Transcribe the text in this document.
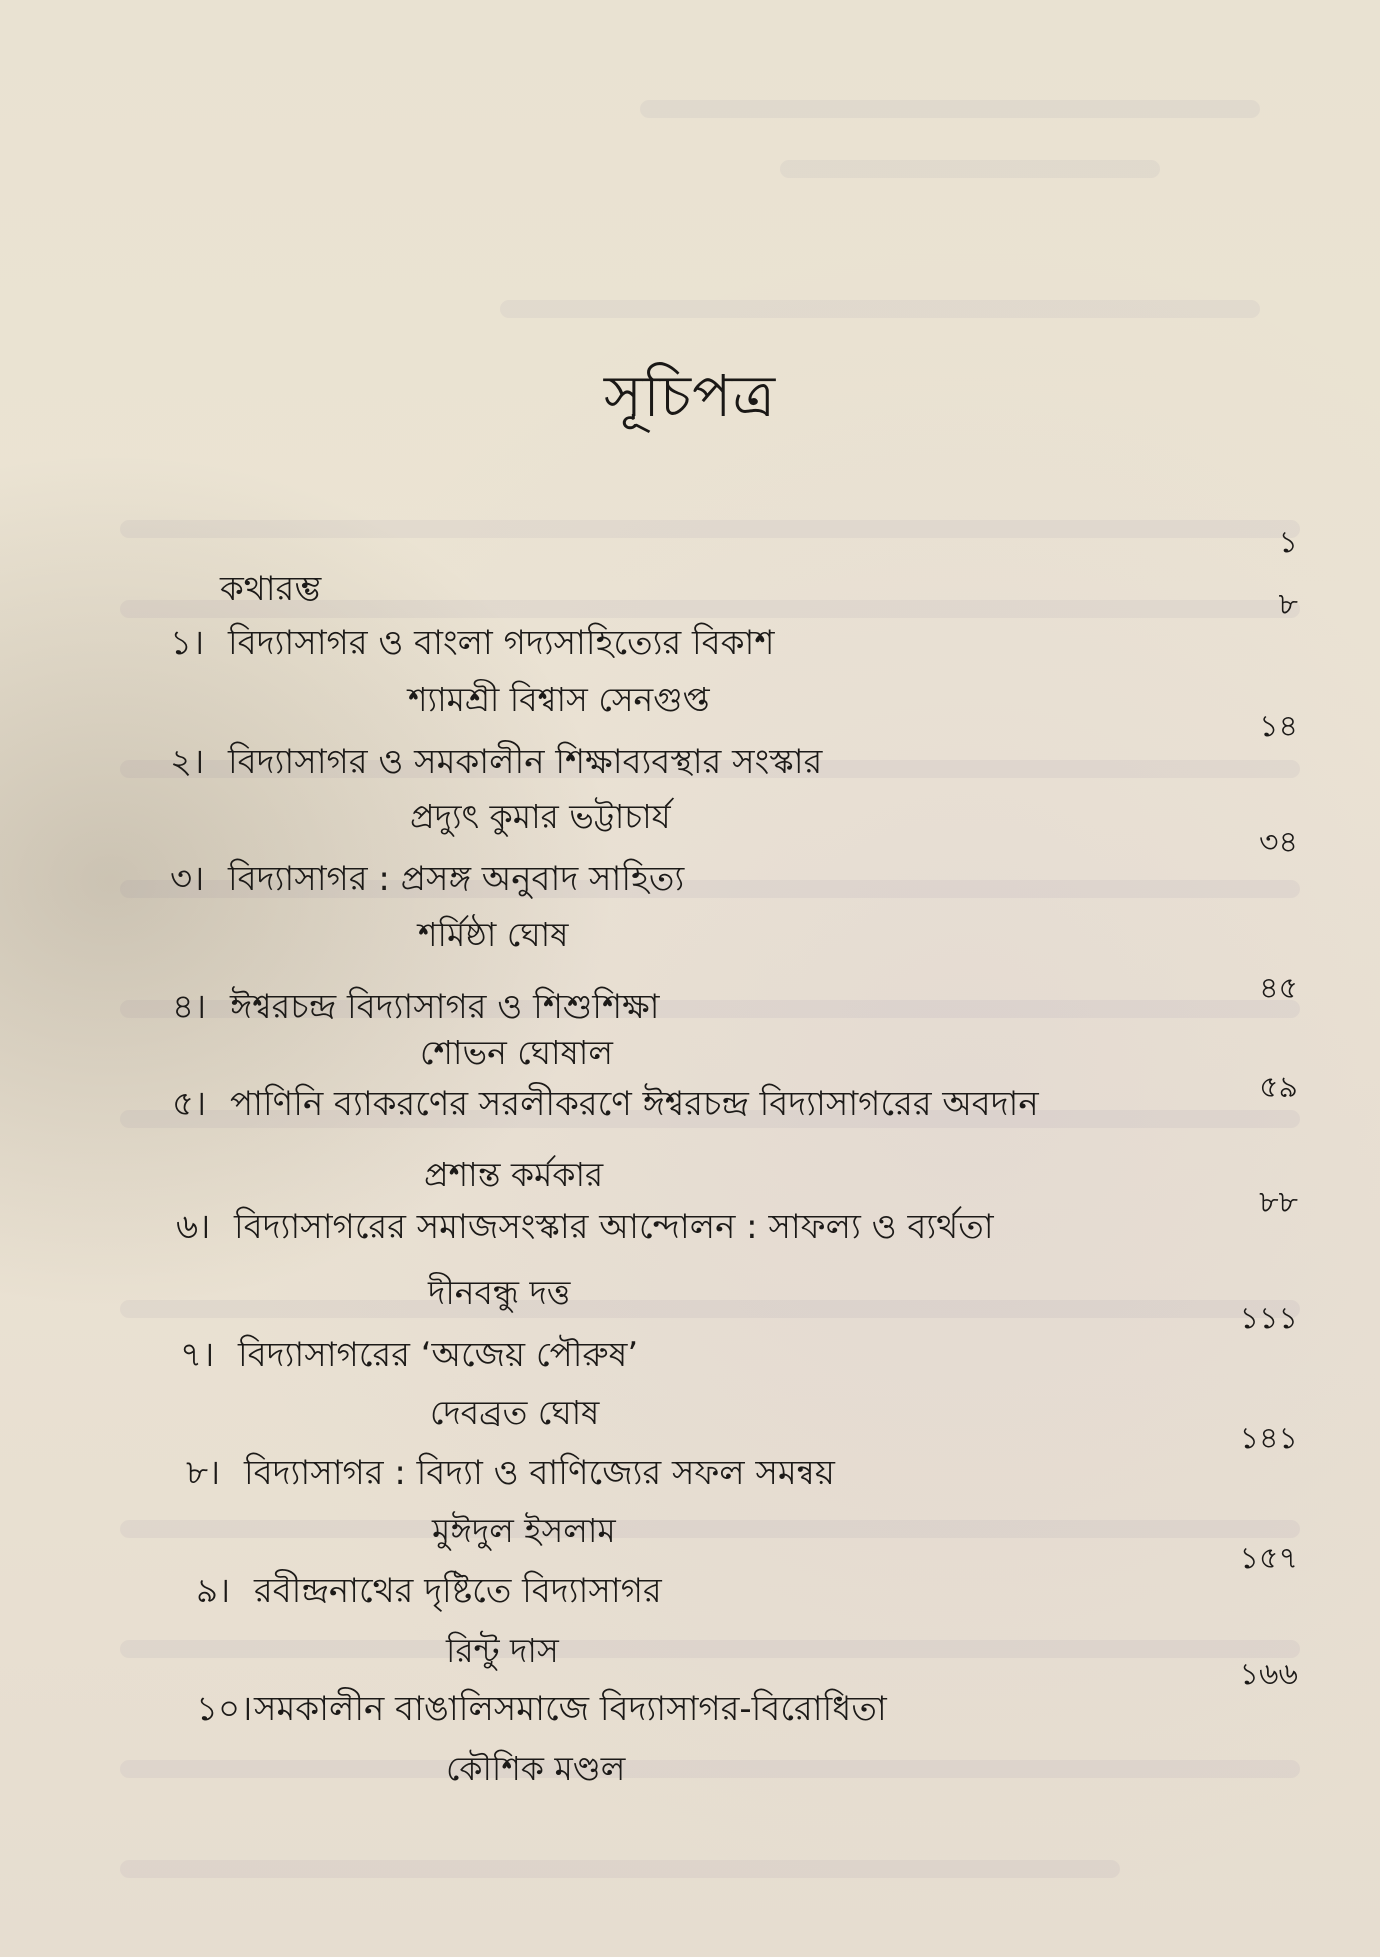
সূচিপত্র
১
কথারম্ভ	৮
১। বিদ্যাসাগর ও বাংলা গদ্যসাহিত্যের বিকাশ
শ্যামশ্রী বিশ্বাস সেনগুপ্ত
১৪
২। বিদ্যাসাগর ও সমকালীন শিক্ষাব্যবস্থার সংস্কার
প্রদ্যুৎ কুমার ভট্টাচার্য
৩৪
৩। বিদ্যাসাগর : প্রসঙ্গ অনুবাদ সাহিত্য
শর্মিষ্ঠা ঘোষ
৪৫
৪। ঈশ্বরচন্দ্র বিদ্যাসাগর ও শিশুশিক্ষা
শোভন ঘোষাল
৫৯
৫। পাণিনি ব্যাকরণের সরলীকরণে ঈশ্বরচন্দ্র বিদ্যাসাগরের অবদান
প্রশান্ত কর্মকার
৮৮
৬। বিদ্যাসাগরের সমাজসংস্কার আন্দোলন : সাফল্য ও ব্যর্থতা
দীনবন্ধু দত্ত
১১১
৭। বিদ্যাসাগরের ‘অজেয় পৌরুষ’
দেবব্রত ঘোষ
১৪১
৮। বিদ্যাসাগর : বিদ্যা ও বাণিজ্যের সফল সমন্বয়
মুঈদুল ইসলাম
১৫৭
৯। রবীন্দ্রনাথের দৃষ্টিতে বিদ্যাসাগর
রিন্টু দাস
১৬৬
১০।সমকালীন বাঙালিসমাজে বিদ্যাসাগর-বিরোধিতা
কৌশিক মণ্ডল
